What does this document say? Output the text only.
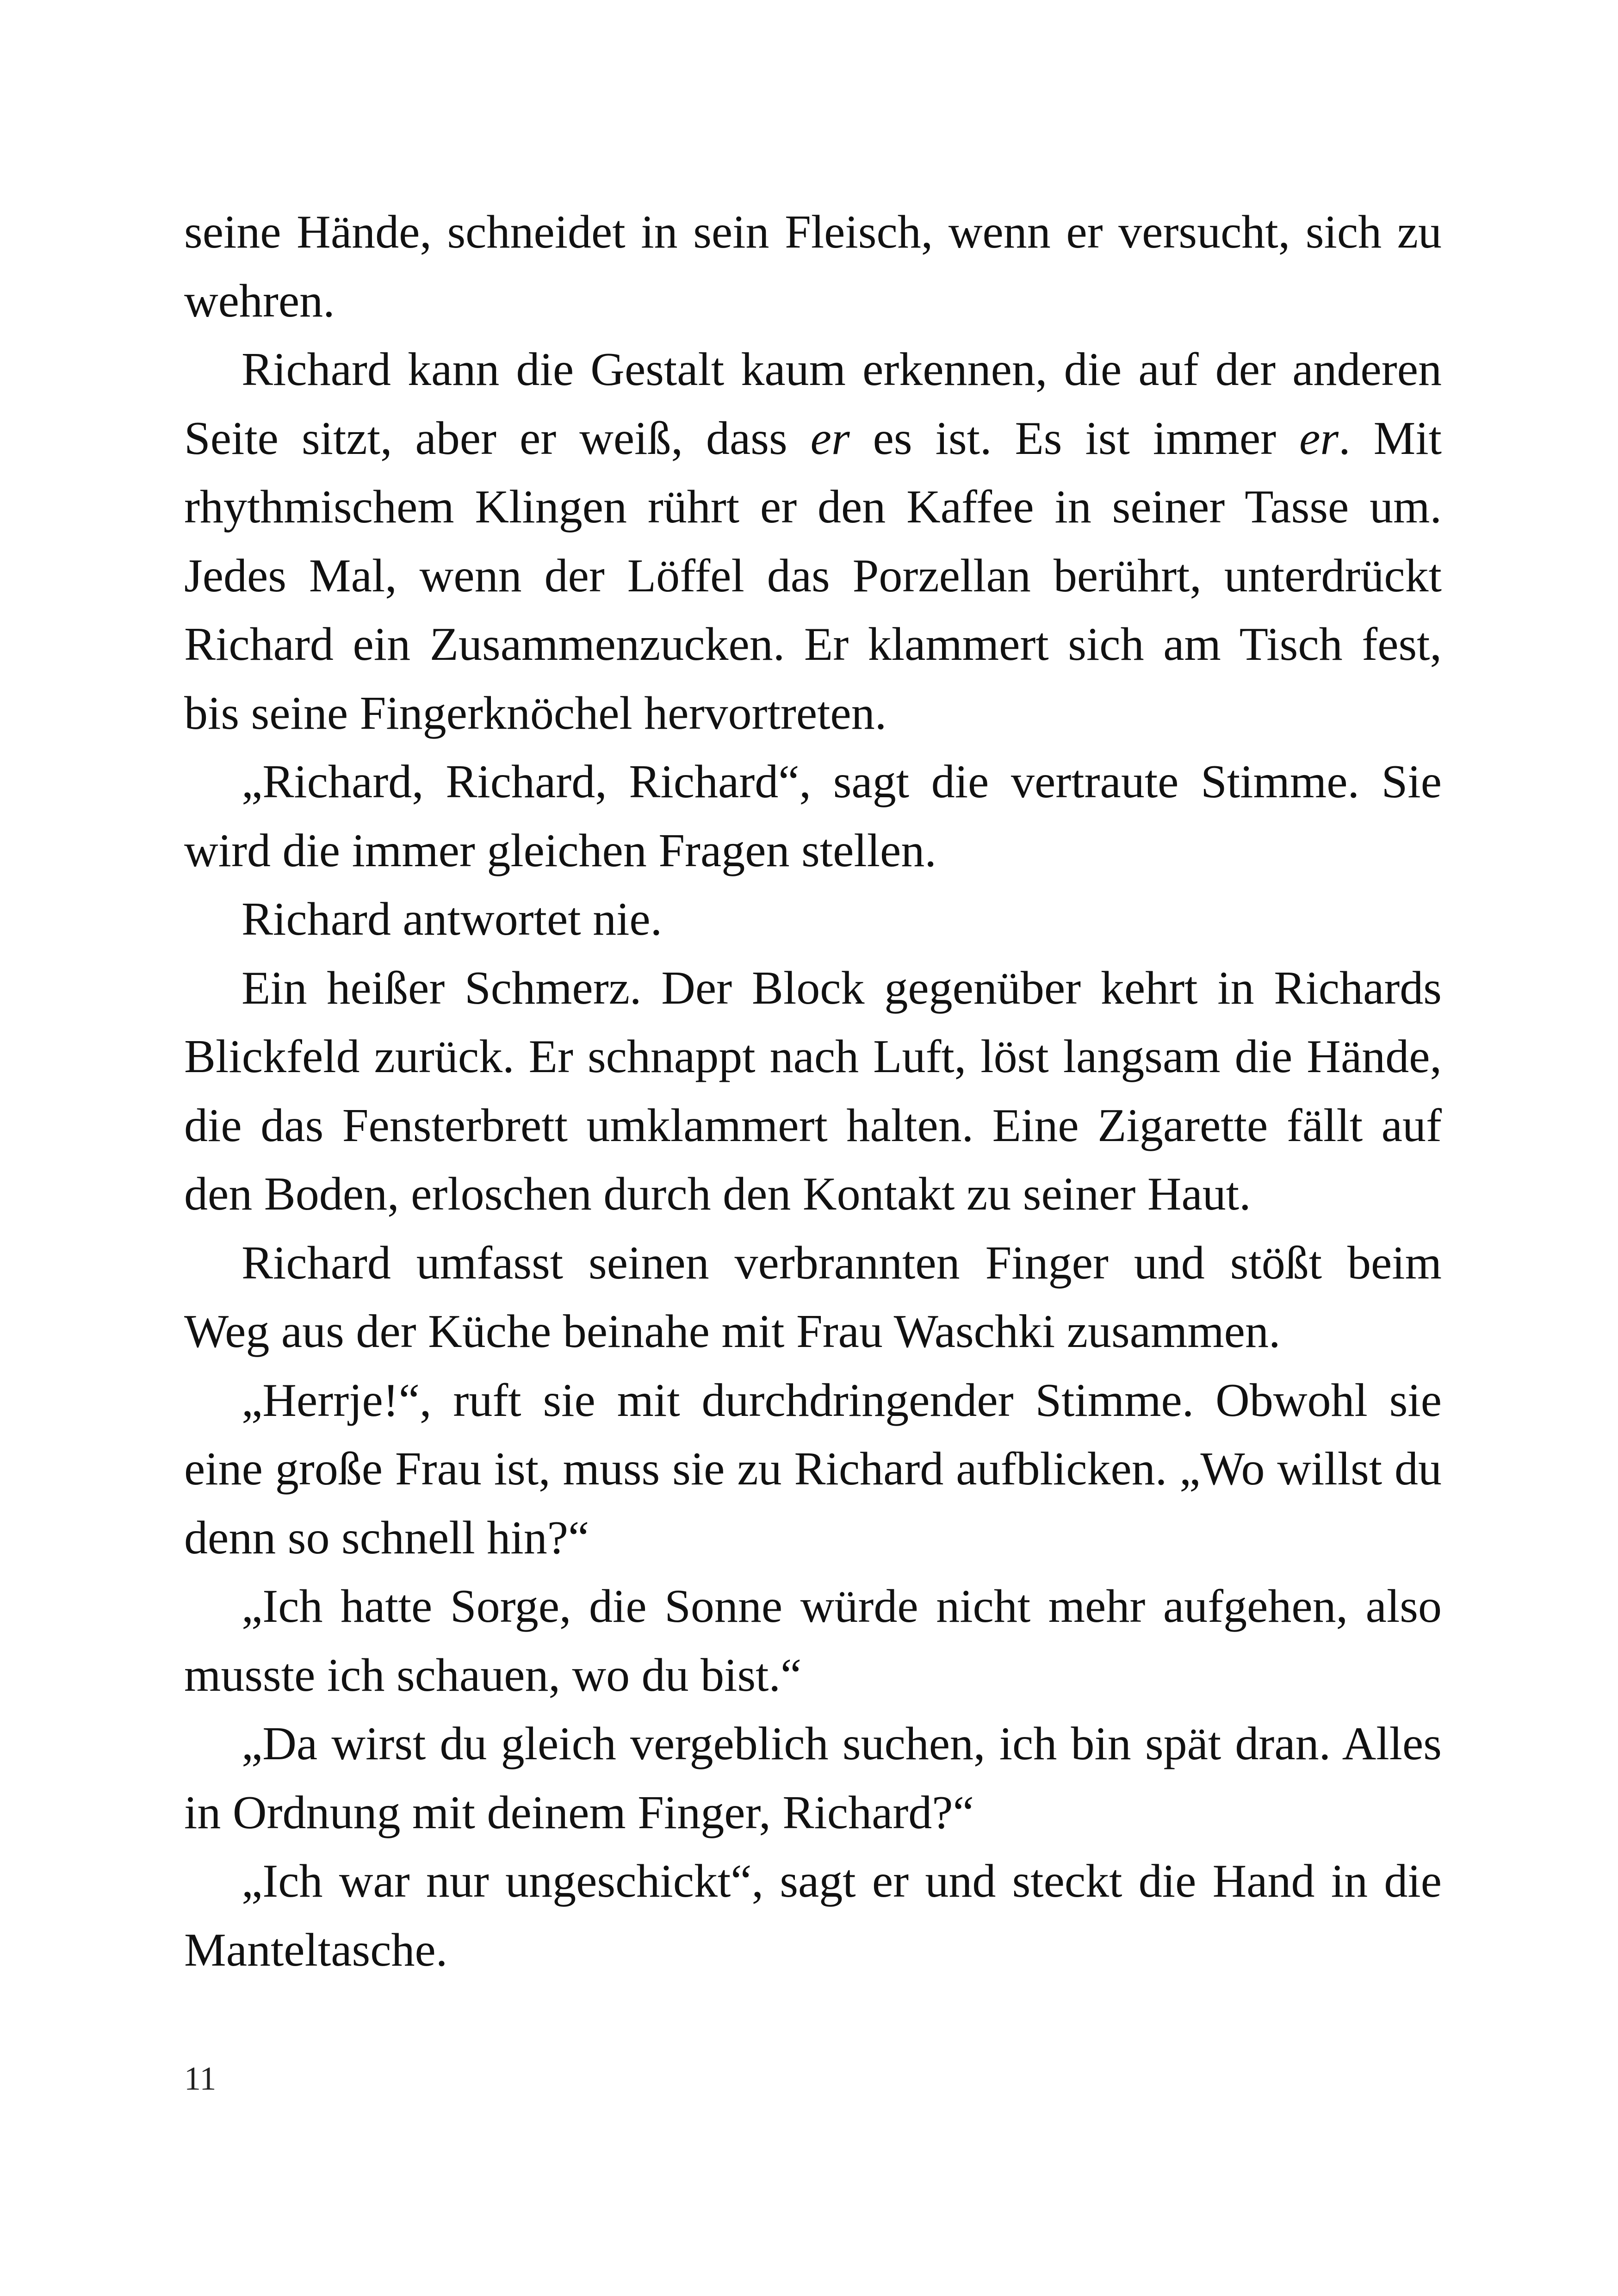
seine Hände, schneidet in sein Fleisch, wenn er versucht, sich zu wehren.

Richard kann die Gestalt kaum erkennen, die auf der anderen Seite sitzt, aber er weiß, dass er es ist. Es ist immer er. Mit rhythmischem Klingen rührt er den Kaffee in seiner Tasse um. Jedes Mal, wenn der Löffel das Porzellan berührt, unterdrückt Richard ein Zusammenzucken. Er klammert sich am Tisch fest, bis seine Fingerknöchel hervortreten.

„Richard, Richard, Richard“, sagt die vertraute Stimme. Sie wird die immer gleichen Fragen stellen.

Richard antwortet nie.

Ein heißer Schmerz. Der Block gegenüber kehrt in Richards Blickfeld zurück. Er schnappt nach Luft, löst langsam die Hände, die das Fensterbrett umklammert halten. Eine Zigarette fällt auf den Boden, erloschen durch den Kontakt zu seiner Haut.

Richard umfasst seinen verbrannten Finger und stößt beim Weg aus der Küche beinahe mit Frau Waschki zusammen.

„Herrje!“, ruft sie mit durchdringender Stimme. Obwohl sie eine große Frau ist, muss sie zu Richard aufblicken. „Wo willst du denn so schnell hin?“

„Ich hatte Sorge, die Sonne würde nicht mehr aufgehen, also musste ich schauen, wo du bist.“

„Da wirst du gleich vergeblich suchen, ich bin spät dran. Alles in Ordnung mit deinem Finger, Richard?“

„Ich war nur ungeschickt“, sagt er und steckt die Hand in die Manteltasche.

11
